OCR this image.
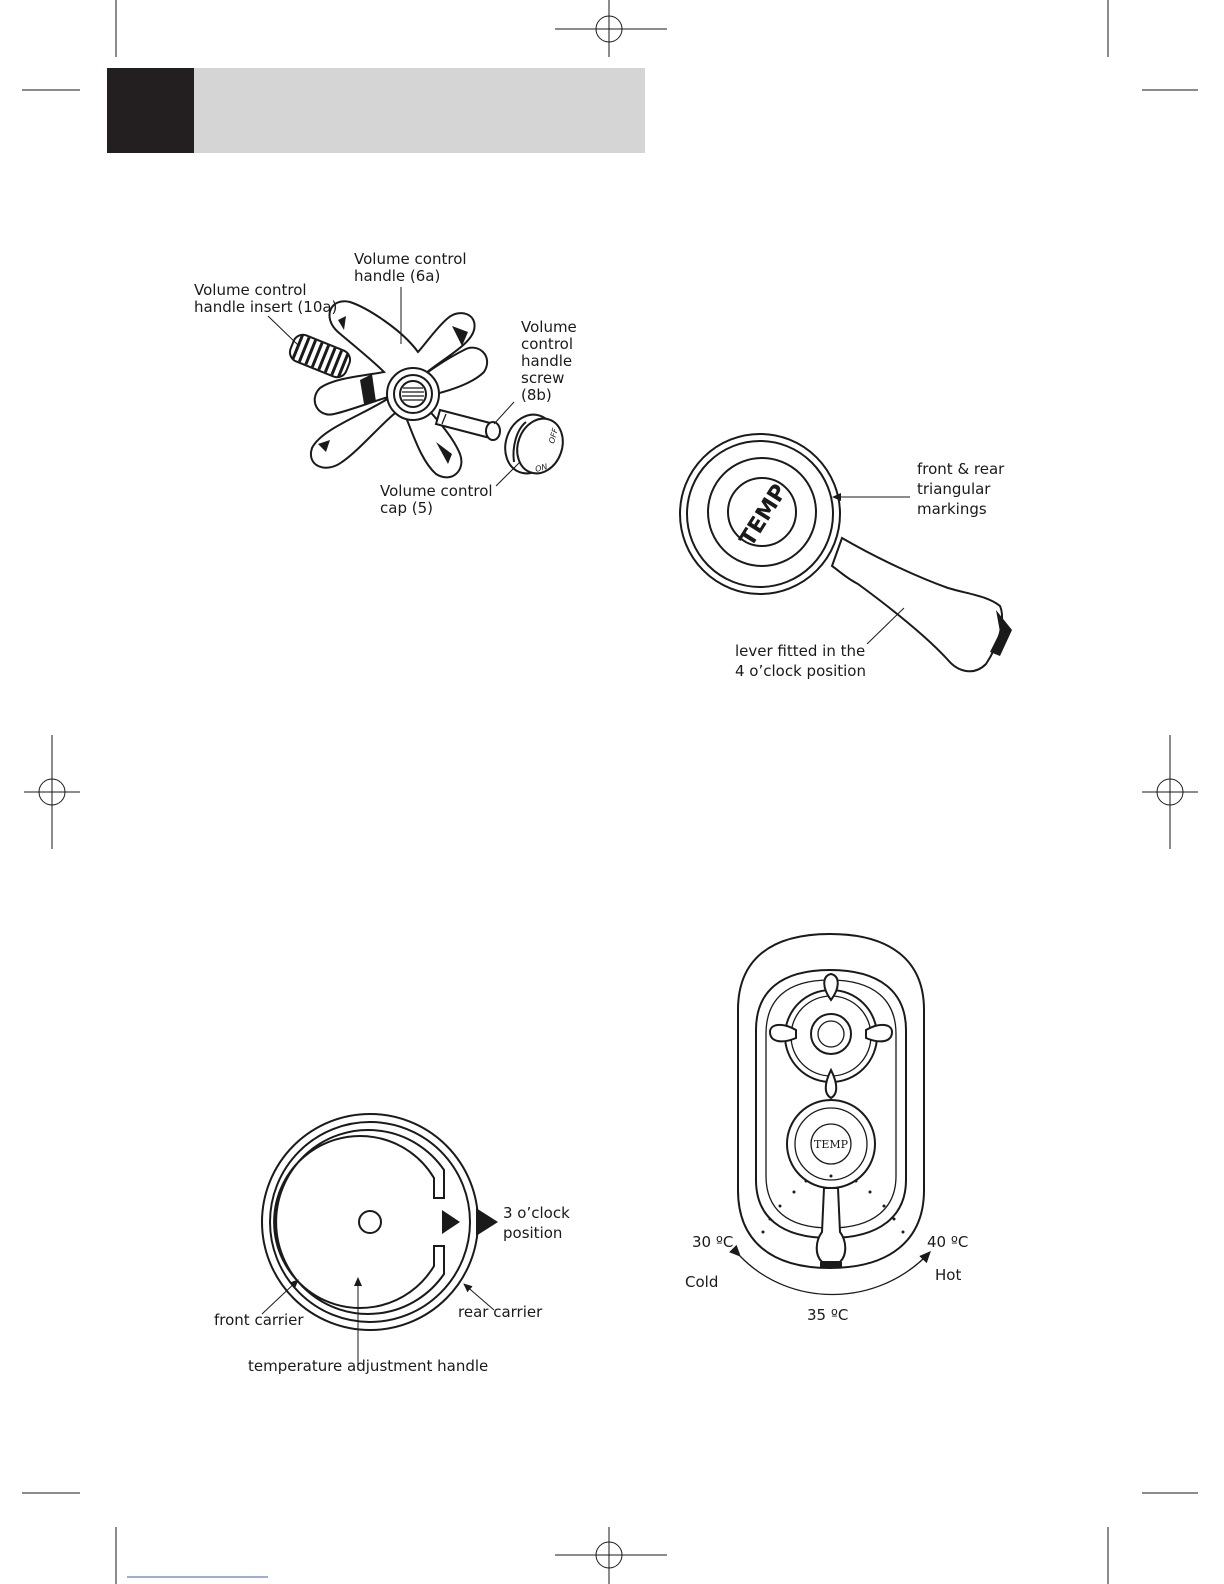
ON
OFF
Volume control handle (6a)
Volume control handle insert (10a)
Volume control handle screw (8b)
Volume control cap (5)	TEMP
front & rear triangular markings
lever fitted in the 4 o’clock position
3 o’clock position
front carrier	rear carrier
temperature adjustment handle
TEMP
30 ºC	40 ºC
35 ºC
Cold	Hot
